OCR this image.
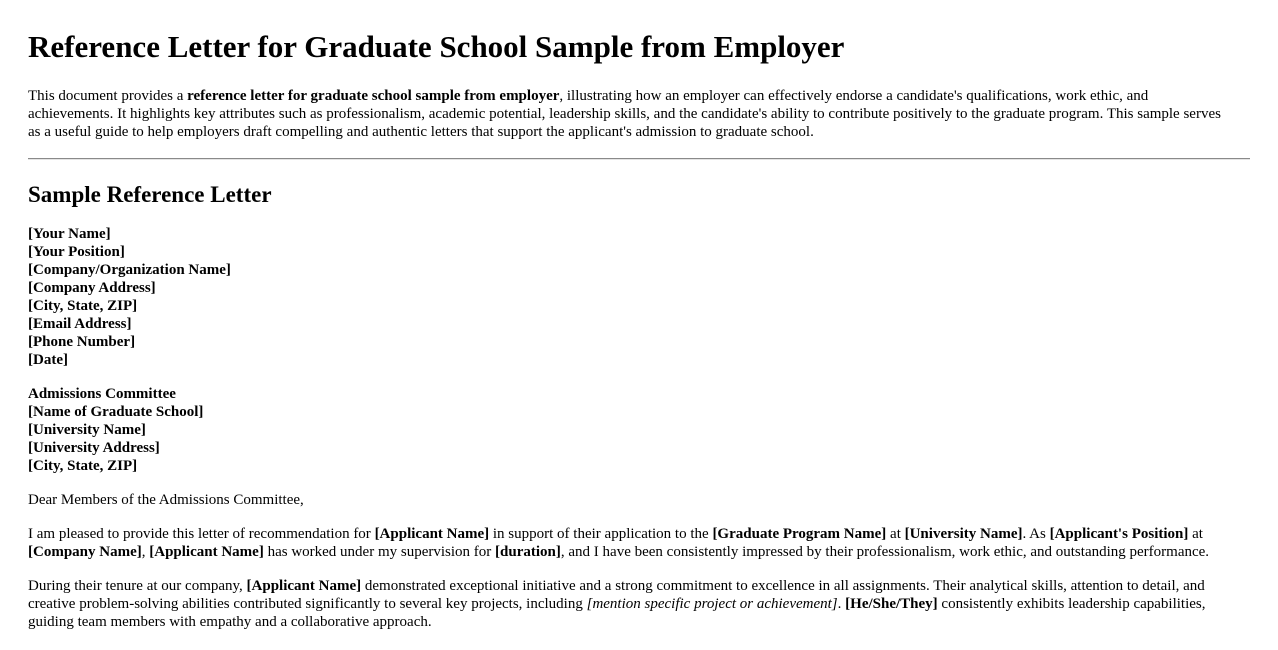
Reference Letter for Graduate School Sample from Employer

This document provides a reference letter for graduate school sample from employer, illustrating how an employer can effectively endorse a candidate's qualifications, work ethic, and achievements. It highlights key attributes such as professionalism, academic potential, leadership skills, and the candidate's ability to contribute positively to the graduate program. This sample serves as a useful guide to help employers draft compelling and authentic letters that support the applicant's admission to graduate school.

Sample Reference Letter
[Your Name]
[Your Position]
[Company/Organization Name]
[Company Address]
[City, State, ZIP]
[Email Address]
[Phone Number]
[Date]
Admissions Committee
[Name of Graduate School]
[University Name]
[University Address]
[City, State, ZIP]
Dear Members of the Admissions Committee,
I am pleased to provide this letter of recommendation for [Applicant Name] in support of their application to the [Graduate Program Name] at [University Name]. As [Applicant's Position] at [Company Name], [Applicant Name] has worked under my supervision for [duration], and I have been consistently impressed by their professionalism, work ethic, and outstanding performance.
During their tenure at our company, [Applicant Name] demonstrated exceptional initiative and a strong commitment to excellence in all assignments. Their analytical skills, attention to detail, and creative problem-solving abilities contributed significantly to several key projects, including [mention specific project or achievement]. [He/She/They] consistently exhibits leadership capabilities, guiding team members with empathy and a collaborative approach.
